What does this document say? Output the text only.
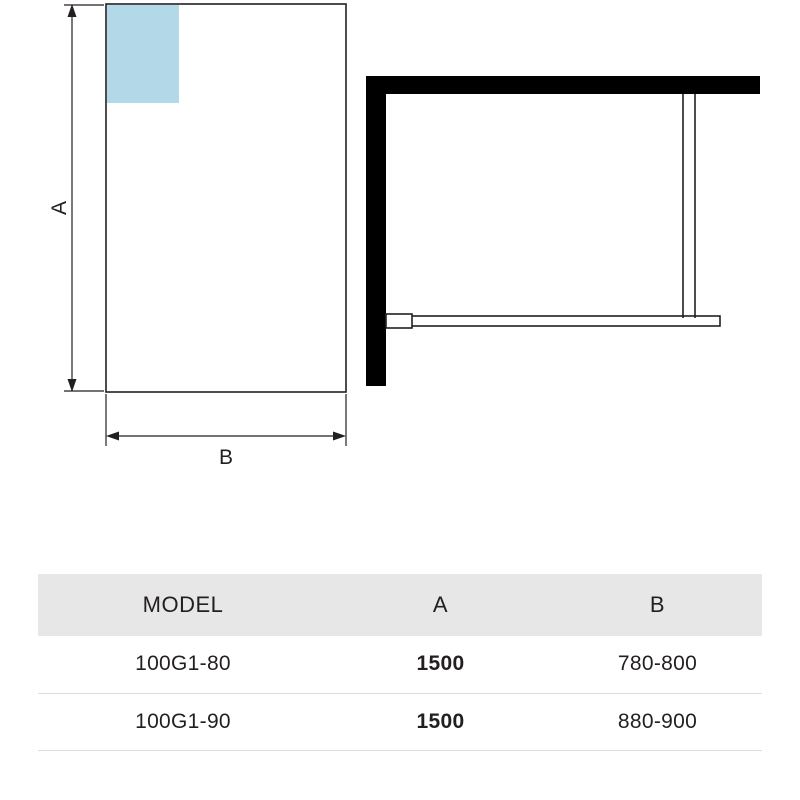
A
B
MODEL	A	B
100G1-80	1500	780-800
100G1-90	1500	880-900
